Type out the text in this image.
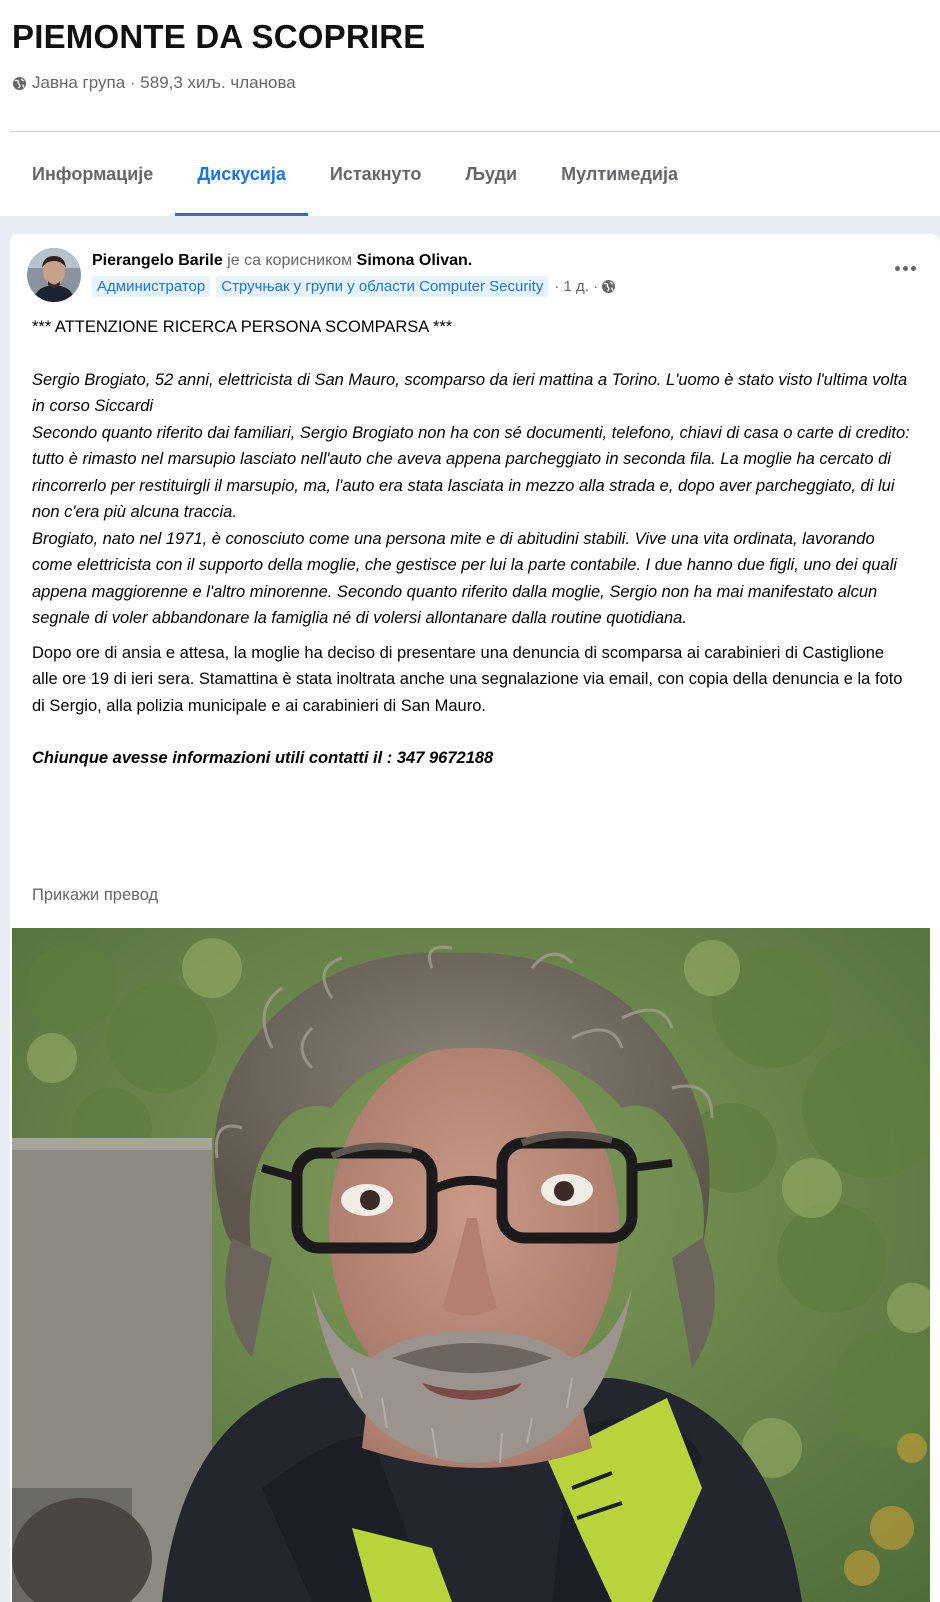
PIEMONTE DA SCOPRIRE
Јавна група · 589,3 хиљ. чланова
Информације	Дискусија	Истакнуто	Људи	Мултимедија
Pierangelo Barile је са корисником Simona Olivan.
Администратор	Стручњак у групи у области Computer Security · 1 д. ·

*** ATTENZIONE RICERCA PERSONA SCOMPARSA ***

Sergio Brogiato, 52 anni, elettricista di San Mauro, scomparso da ieri mattina a Torino. L'uomo è stato visto l'ultima volta in corso Siccardi

Secondo quanto riferito dai familiari, Sergio Brogiato non ha con sé documenti, telefono, chiavi di casa o carte di credito: tutto è rimasto nel marsupio lasciato nell'auto che aveva appena parcheggiato in seconda fila. La moglie ha cercato di rincorrerlo per restituirgli il marsupio, ma, l'auto era stata lasciata in mezzo alla strada e, dopo aver parcheggiato, di lui non c'era più alcuna traccia.

Brogiato, nato nel 1971, è conosciuto come una persona mite e di abitudini stabili. Vive una vita ordinata, lavorando come elettricista con il supporto della moglie, che gestisce per lui la parte contabile. I due hanno due figli, uno dei quali appena maggiorenne e l'altro minorenne. Secondo quanto riferito dalla moglie, Sergio non ha mai manifestato alcun segnale di voler abbandonare la famiglia né di volersi allontanare dalla routine quotidiana.

Dopo ore di ansia e attesa, la moglie ha deciso di presentare una denuncia di scomparsa ai carabinieri di Castiglione alle ore 19 di ieri sera. Stamattina è stata inoltrata anche una segnalazione via email, con copia della denuncia e la foto di Sergio, alla polizia municipale e ai carabinieri di San Mauro.

Chiunque avesse informazioni utili contatti il : 347 9672188

Прикажи превод
